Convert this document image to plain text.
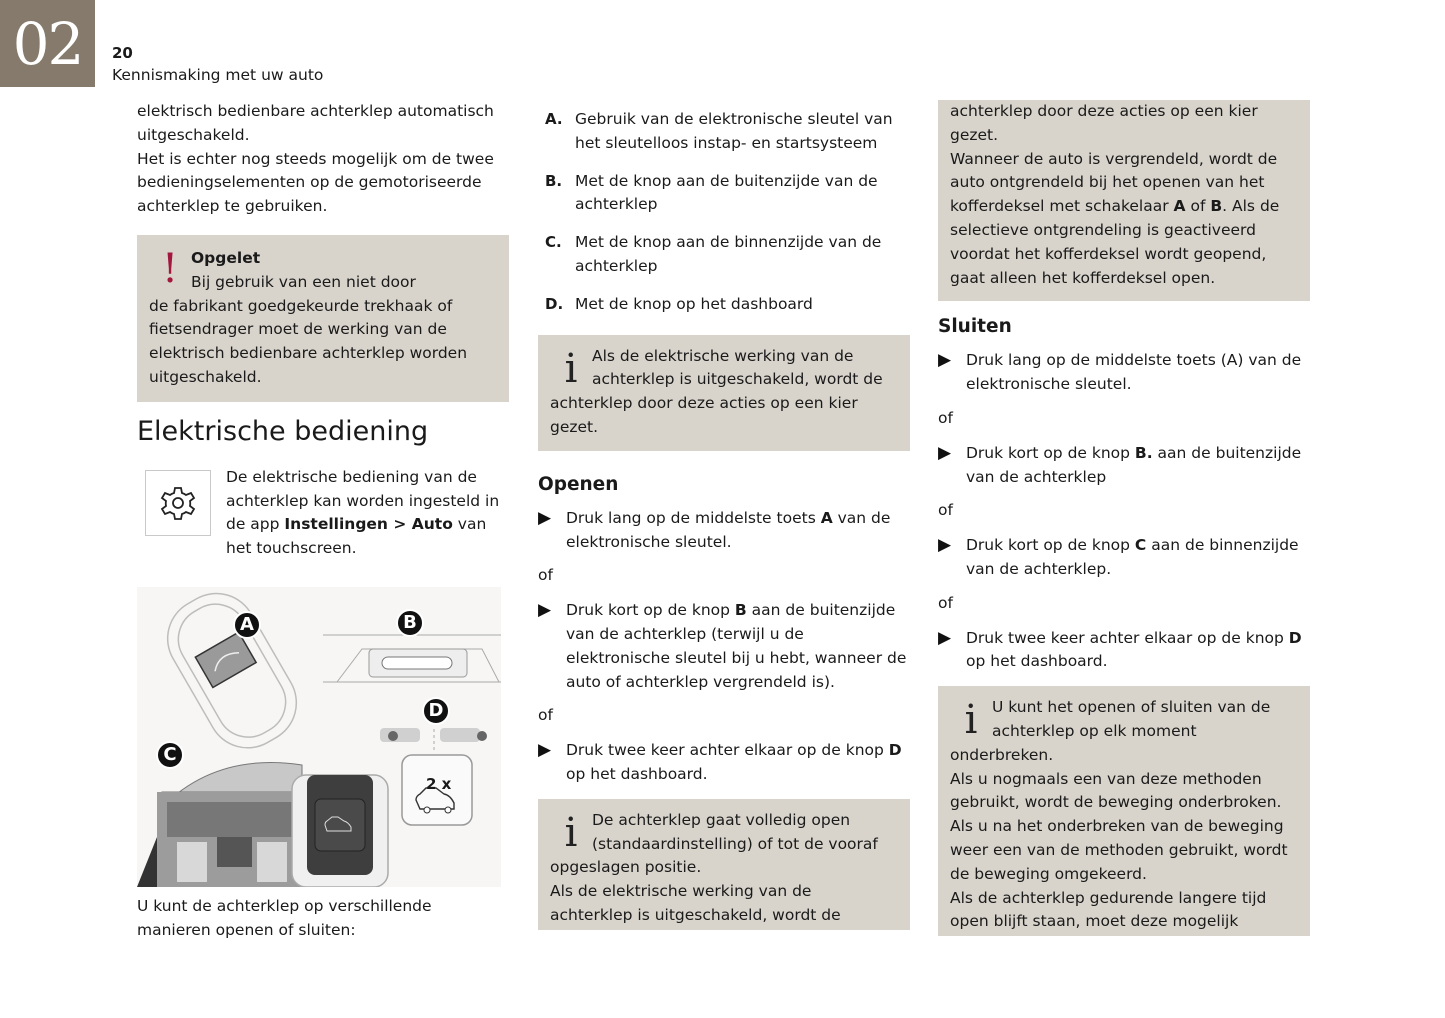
02 20
Kennismaking met uw auto

elektrisch bedienbare achterklep automatisch uitgeschakeld.

Het is echter nog steeds mogelijk om de twee bedieningselementen op de gemotoriseerde achterklep te gebruiken.

! Opgelet
Bij gebruik van een niet door
de fabrikant goedgekeurde trekhaak of fietsendrager moet de werking van de elektrisch bedienbare achterklep worden uitgeschakeld.
Elektrische bediening
De elektrische bediening van de achterklep kan worden ingesteld in de app Instellingen > Auto van het touchscreen.
A	B
C
D
2 x

U kunt de achterklep op verschillende manieren openen of sluiten:

A. Gebruik van de elektronische sleutel van het sleutelloos instap- en startsysteem
B. Met de knop aan de buitenzijde van de achterklep
C. Met de knop aan de binnenzijde van de achterklep
D. Met de knop op het dashboard
i Als de elektrische werking van de achterklep is uitgeschakeld, wordt de
achterklep door deze acties op een kier gezet.
Openen
▶ Druk lang op de middelste toets A van de elektronische sleutel.

of

▶ Druk kort op de knop B aan de buitenzijde van de achterklep (terwijl u de elektronische sleutel bij u hebt, wanneer de auto of achterklep vergrendeld is).

of

▶ Druk twee keer achter elkaar op de knop D op het dashboard.
i De achterklep gaat volledig open (standaardinstelling) of tot de vooraf
opgeslagen positie.
Als de elektrische werking van de achterklep is uitgeschakeld, wordt de
achterklep door deze acties op een kier gezet.
Wanneer de auto is vergrendeld, wordt de auto ontgrendeld bij het openen van het kofferdeksel met schakelaar A of B. Als de selectieve ontgrendeling is geactiveerd voordat het kofferdeksel wordt geopend, gaat alleen het kofferdeksel open.
Sluiten
▶ Druk lang op de middelste toets (A) van de elektronische sleutel.

of

▶ Druk kort op de knop B. aan de buitenzijde van de achterklep

of

▶ Druk kort op de knop C aan de binnenzijde van de achterklep.

of

▶ Druk twee keer achter elkaar op de knop D op het dashboard.
i U kunt het openen of sluiten van de achterklep op elk moment
onderbreken.
Als u nogmaals een van deze methoden gebruikt, wordt de beweging onderbroken.
Als u na het onderbreken van de beweging weer een van de methoden gebruikt, wordt de beweging omgekeerd.
Als de achterklep gedurende langere tijd open blijft staan, moet deze mogelijk
